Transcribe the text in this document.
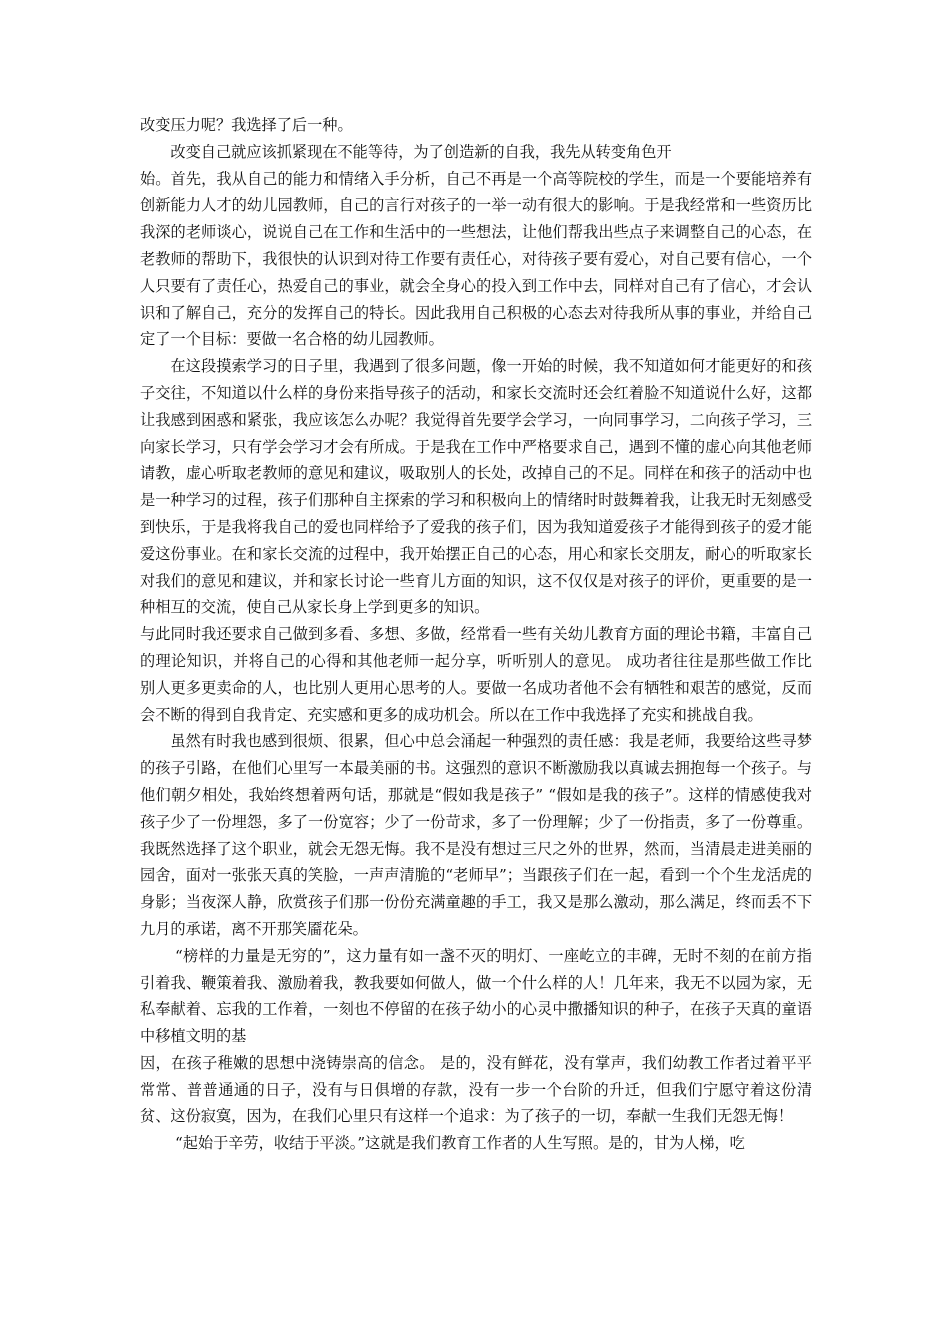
改变压力呢？我选择了后一种。

改变自己就应该抓紧现在不能等待，为了创造新的自我，我先从转变角色开

始。首先，我从自己的能力和情绪入手分析，自己不再是一个高等院校的学生，而是一个要能培养有创新能力人才的幼儿园教师，自己的言行对孩子的一举一动有很大的影响。于是我经常和一些资历比我深的老师谈心，说说自己在工作和生活中的一些想法，让他们帮我出些点子来调整自己的心态，在老教师的帮助下，我很快的认识到对待工作要有责任心，对待孩子要有爱心，对自己要有信心，一个人只要有了责任心，热爱自己的事业，就会全身心的投入到工作中去，同样对自己有了信心，才会认识和了解自己，充分的发挥自己的特长。因此我用自己积极的心态去对待我所从事的事业，并给自己定了一个目标：要做一名合格的幼儿园教师。

在这段摸索学习的日子里，我遇到了很多问题，像一开始的时候，我不知道如何才能更好的和孩子交往，不知道以什么样的身份来指导孩子的活动，和家长交流时还会红着脸不知道说什么好，这都让我感到困惑和紧张，我应该怎么办呢？我觉得首先要学会学习，一向同事学习，二向孩子学习，三向家长学习，只有学会学习才会有所成。于是我在工作中严格要求自己，遇到不懂的虚心向其他老师请教，虚心听取老教师的意见和建议，吸取别人的长处，改掉自己的不足。同样在和孩子的活动中也是一种学习的过程，孩子们那种自主探索的学习和积极向上的情绪时时鼓舞着我，让我无时无刻感受到快乐，于是我将我自己的爱也同样给予了爱我的孩子们，因为我知道爱孩子才能得到孩子的爱才能爱这份事业。在和家长交流的过程中，我开始摆正自己的心态，用心和家长交朋友，耐心的听取家长对我们的意见和建议，并和家长讨论一些育儿方面的知识，这不仅仅是对孩子的评价，更重要的是一种相互的交流，使自己从家长身上学到更多的知识。

与此同时我还要求自己做到多看、多想、多做，经常看一些有关幼儿教育方面的理论书籍，丰富自己的理论知识，并将自己的心得和其他老师一起分享，听听别人的意见。 成功者往往是那些做工作比别人更多更卖命的人，也比别人更用心思考的人。要做一名成功者他不会有牺牲和艰苦的感觉，反而会不断的得到自我肯定、充实感和更多的成功机会。所以在工作中我选择了充实和挑战自我。

虽然有时我也感到很烦、很累，但心中总会涌起一种强烈的责任感：我是老师，我要给这些寻梦的孩子引路，在他们心里写一本最美丽的书。这强烈的意识不断激励我以真诚去拥抱每一个孩子。与他们朝夕相处，我始终想着两句话，那就是“假如我是孩子” “假如是我的孩子”。这样的情感使我对孩子少了一份埋怨，多了一份宽容；少了一份苛求，多了一份理解；少了一份指责，多了一份尊重。我既然选择了这个职业，就会无怨无悔。我不是没有想过三尺之外的世界，然而，当清晨走进美丽的园舍，面对一张张天真的笑脸，一声声清脆的“老师早”；当跟孩子们在一起，看到一个个生龙活虎的身影；当夜深人静，欣赏孩子们那一份份充满童趣的手工，我又是那么激动，那么满足，终而丢不下九月的承诺，离不开那笑靥花朵。

“榜样的力量是无穷的”，这力量有如一盏不灭的明灯、一座屹立的丰碑，无时不刻的在前方指引着我、鞭策着我、激励着我，教我要如何做人，做一个什么样的人！几年来，我无不以园为家，无私奉献着、忘我的工作着，一刻也不停留的在孩子幼小的心灵中撒播知识的种子，在孩子天真的童语中移植文明的基

因，在孩子稚嫩的思想中浇铸崇高的信念。 是的，没有鲜花，没有掌声，我们幼教工作者过着平平常常、普普通通的日子，没有与日俱增的存款，没有一步一个台阶的升迁，但我们宁愿守着这份清贫、这份寂寞，因为，在我们心里只有这样一个追求：为了孩子的一切，奉献一生我们无怨无悔！

“起始于辛劳，收结于平淡。”这就是我们教育工作者的人生写照。是的，甘为人梯，吃
